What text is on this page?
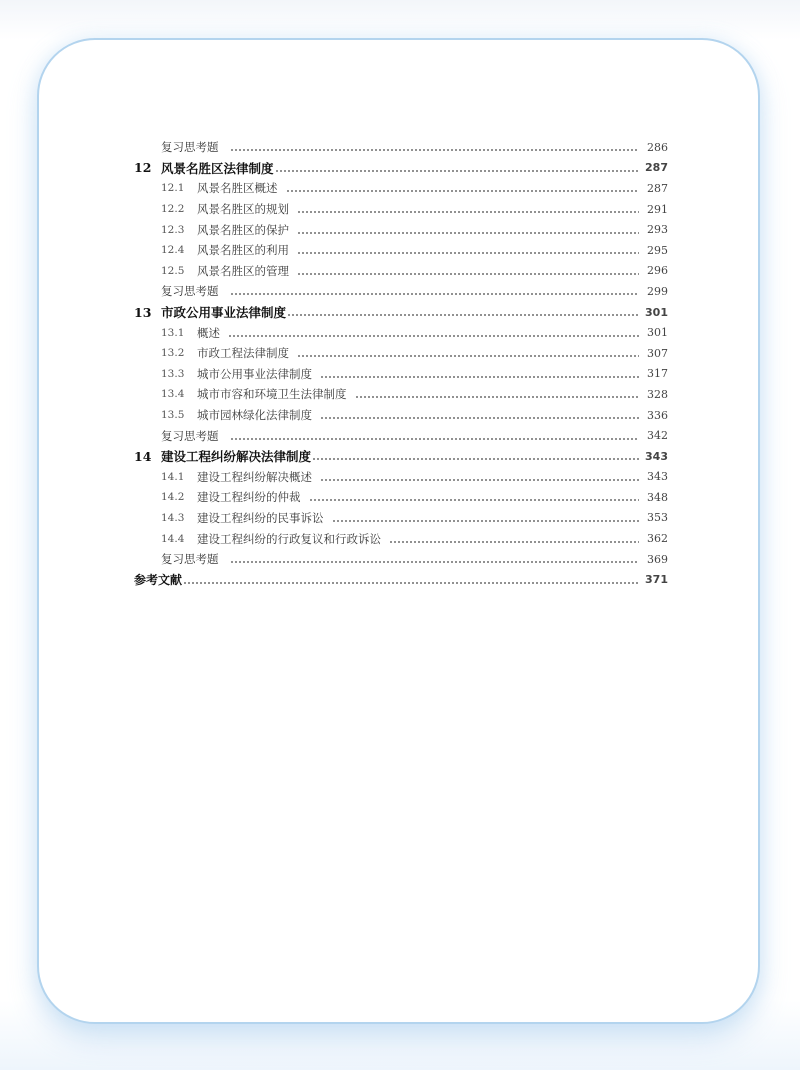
复习思考题	286
12 风景名胜区法律制度	287
12.1	风景名胜区概述	287
12.2	风景名胜区的规划	291
12.3	风景名胜区的保护	293
12.4	风景名胜区的利用	295
12.5	风景名胜区的管理	296
复习思考题	299
13 市政公用事业法律制度	301
13.1	概述	301
13.2	市政工程法律制度	307
13.3	城市公用事业法律制度	317
13.4	城市市容和环境卫生法律制度	328
13.5	城市园林绿化法律制度	336
复习思考题	342
14 建设工程纠纷解决法律制度	343
14.1	建设工程纠纷解决概述	343
14.2	建设工程纠纷的仲裁	348
14.3	建设工程纠纷的民事诉讼	353
14.4	建设工程纠纷的行政复议和行政诉讼	362
复习思考题	369
参考文献	371
